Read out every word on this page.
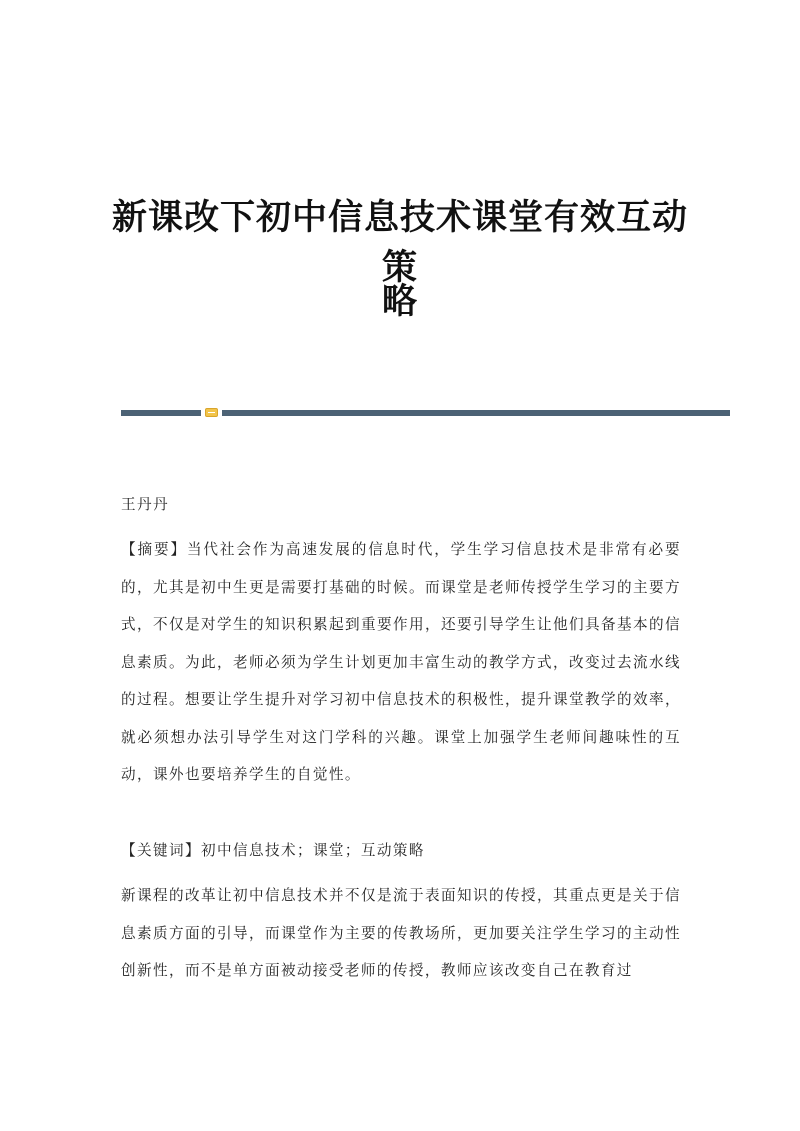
新课改下初中信息技术课堂有效互动策
略
王丹丹
【摘要】当代社会作为高速发展的信息时代，学生学习信息技术是非常有必要的，尤其是初中生更是需要打基础的时候。而课堂是老师传授学生学习的主要方式，不仅是对学生的知识积累起到重要作用，还要引导学生让他们具备基本的信息素质。为此，老师必须为学生计划更加丰富生动的教学方式，改变过去流水线的过程。想要让学生提升对学习初中信息技术的积极性，提升课堂教学的效率，就必须想办法引导学生对这门学科的兴趣。课堂上加强学生老师间趣味性的互动，课外也要培养学生的自觉性。
【关键词】初中信息技术；课堂；互动策略
新课程的改革让初中信息技术并不仅是流于表面知识的传授，其重点更是关于信息素质方面的引导，而课堂作为主要的传教场所，更加要关注学生学习的主动性创新性，而不是单方面被动接受老师的传授，教师应该改变自己在教育过
